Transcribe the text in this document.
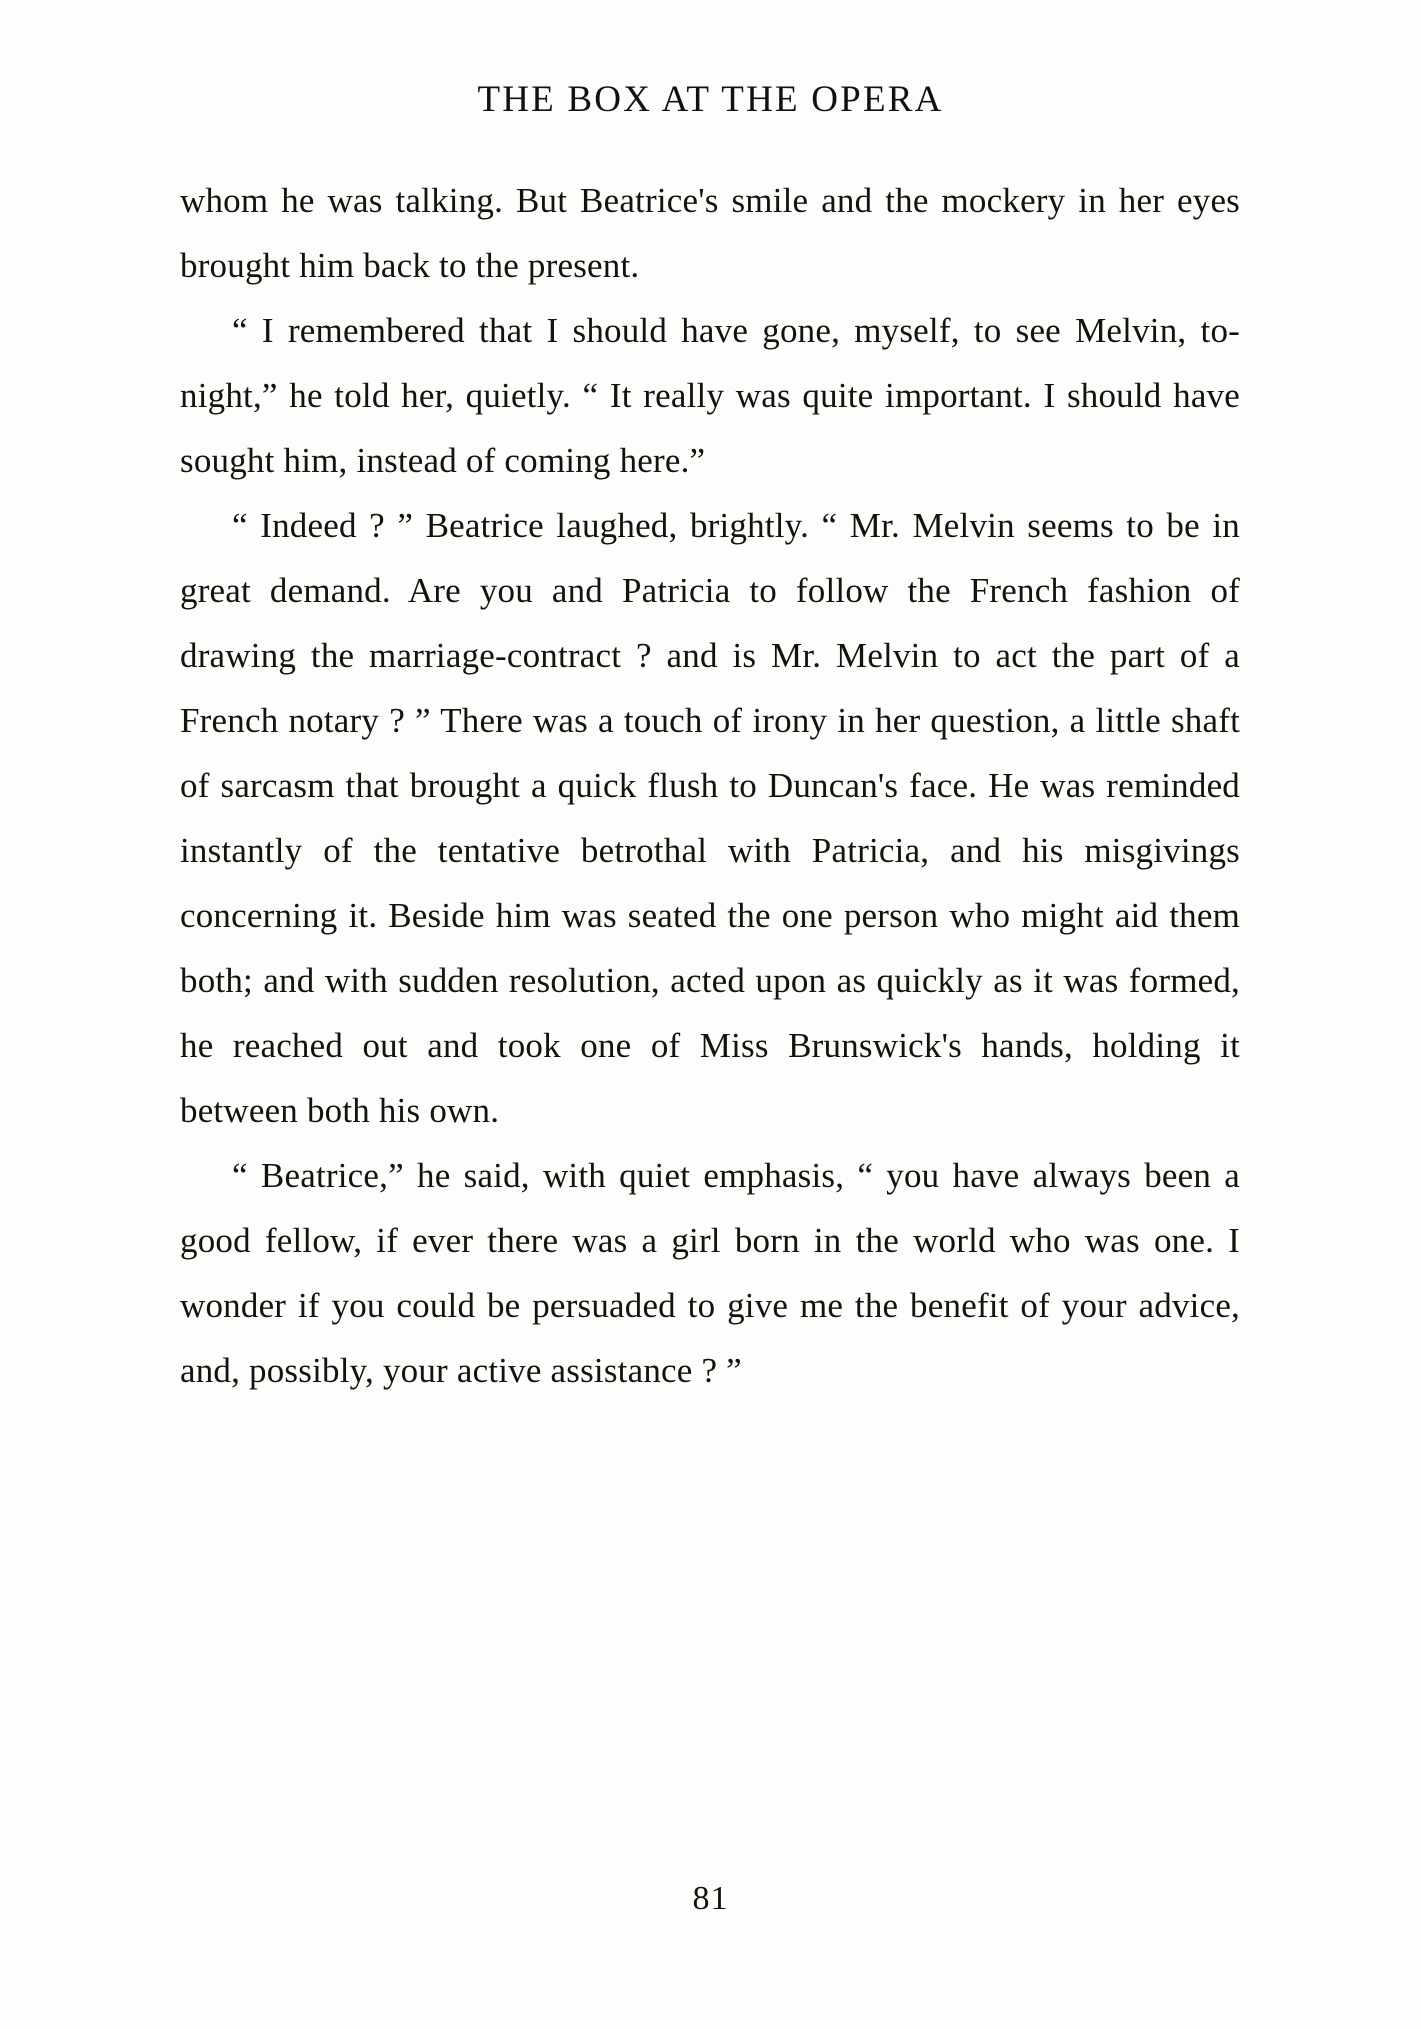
THE BOX AT THE OPERA

whom he was talking. But Beatrice's smile and the mockery in her eyes brought him back to the present.

“ I remembered that I should have gone, myself, to see Melvin, to-night,” he told her, quietly. “ It really was quite important. I should have sought him, instead of coming here.”

“ Indeed ? ” Beatrice laughed, brightly. “ Mr. Melvin seems to be in great demand. Are you and Patricia to follow the French fashion of drawing the marriage-contract ? and is Mr. Melvin to act the part of a French notary ? ” There was a touch of irony in her question, a little shaft of sarcasm that brought a quick flush to Duncan's face. He was reminded instantly of the tentative betrothal with Patricia, and his misgivings concerning it. Beside him was seated the one person who might aid them both; and with sudden resolution, acted upon as quickly as it was formed, he reached out and took one of Miss Brunswick's hands, holding it between both his own.

“ Beatrice,” he said, with quiet emphasis, “ you have always been a good fellow, if ever there was a girl born in the world who was one. I wonder if you could be persuaded to give me the benefit of your advice, and, possibly, your active assistance ? ”

81
